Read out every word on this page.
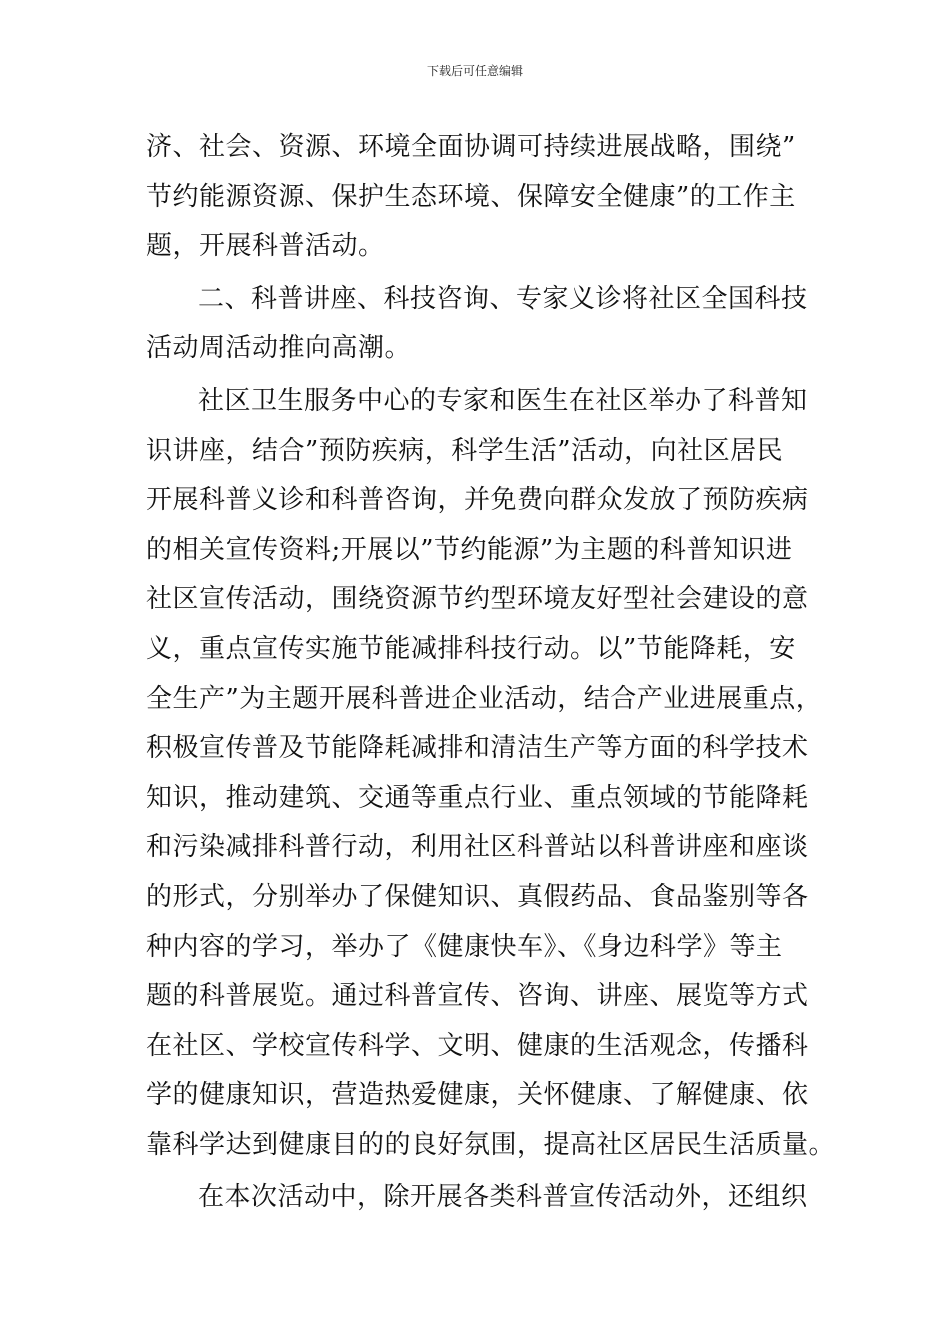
下载后可任意编辑
济、社会、资源、环境全面协调可持续进展战略，围绕”
节约能源资源、保护生态环境、保障安全健康”的工作主
题，开展科普活动。
二、科普讲座、科技咨询、专家义诊将社区全国科技
活动周活动推向高潮。
社区卫生服务中心的专家和医生在社区举办了科普知
识讲座，结合”预防疾病，科学生活”活动，向社区居民
开展科普义诊和科普咨询，并免费向群众发放了预防疾病
的相关宣传资料;开展以”节约能源”为主题的科普知识进
社区宣传活动，围绕资源节约型环境友好型社会建设的意
义，重点宣传实施节能减排科技行动。以”节能降耗，安
全生产”为主题开展科普进企业活动，结合产业进展重点，
积极宣传普及节能降耗减排和清洁生产等方面的科学技术
知识，推动建筑、交通等重点行业、重点领域的节能降耗
和污染减排科普行动，利用社区科普站以科普讲座和座谈
的形式，分别举办了保健知识、真假药品、食品鉴别等各
种内容的学习，举办了《健康快车》、《身边科学》等主
题的科普展览。通过科普宣传、咨询、讲座、展览等方式
在社区、学校宣传科学、文明、健康的生活观念，传播科
学的健康知识，营造热爱健康，关怀健康、了解健康、依
靠科学达到健康目的的良好氛围，提高社区居民生活质量。
在本次活动中，除开展各类科普宣传活动外，还组织
